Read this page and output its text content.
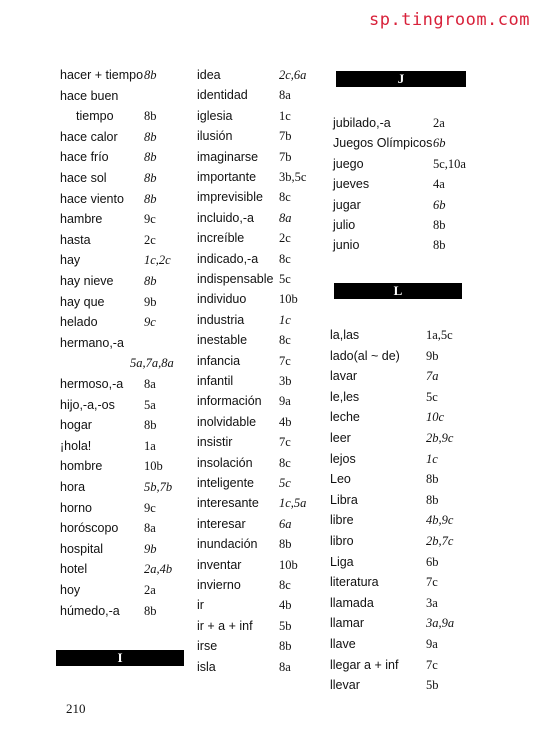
sp.tingroom.com
hacer + tiempo 8b
hace buen
tiempo 8b
hace calor 8b
hace frío	8b
hace sol	8b
hace viento 8b
hambre	9c
hasta	2c
hay	1c,2c
hay nieve 8b
hay que	9b
helado	9c
hermano,-a
5a,7a,8a
hermoso,-a 8a
hijo,-a,-os 5a
hogar	8b
¡hola!	1a
hombre	10b
hora	5b,7b
horno	9c
horóscopo 8a
hospital	9b
hotel	2a,4b
hoy	2a
húmedo,-a 8b
I
idea	2c,6a
identidad	8a
iglesia	1c
ilusión	7b
imaginarse 7b
importante 3b,5c
imprevisible 8c
incluido,-a 8a
increíble	2c
indicado,-a 8c
indispensable 5c
individuo	10b
industria	1c
inestable	8c
infancia	7c
infantil	3b
información 9a
inolvidable 4b
insistir	7c
insolación 8c
inteligente 5c
interesante 1c,5a
interesar	6a
inundación 8b
inventar	10b
invierno	8c
ir	4b
ir + a + inf 5b
irse	8b
isla	8a
J
jubilado,-a	2a
Juegos Olímpicos 6b
juego	5c,10a
jueves	4a
jugar	6b
julio	8b
junio	8b
L
la,las	1a,5c
lado(al ~ de) 9b
lavar	7a
le,les	5c
leche	10c
leer	2b,9c
lejos	1c
Leo	8b
Libra	8b
libre	4b,9c
libro	2b,7c
Liga	6b
literatura	7c
llamada	3a
llamar	3a,9a
llave	9a
llegar a + inf 7c
llevar	5b
210
